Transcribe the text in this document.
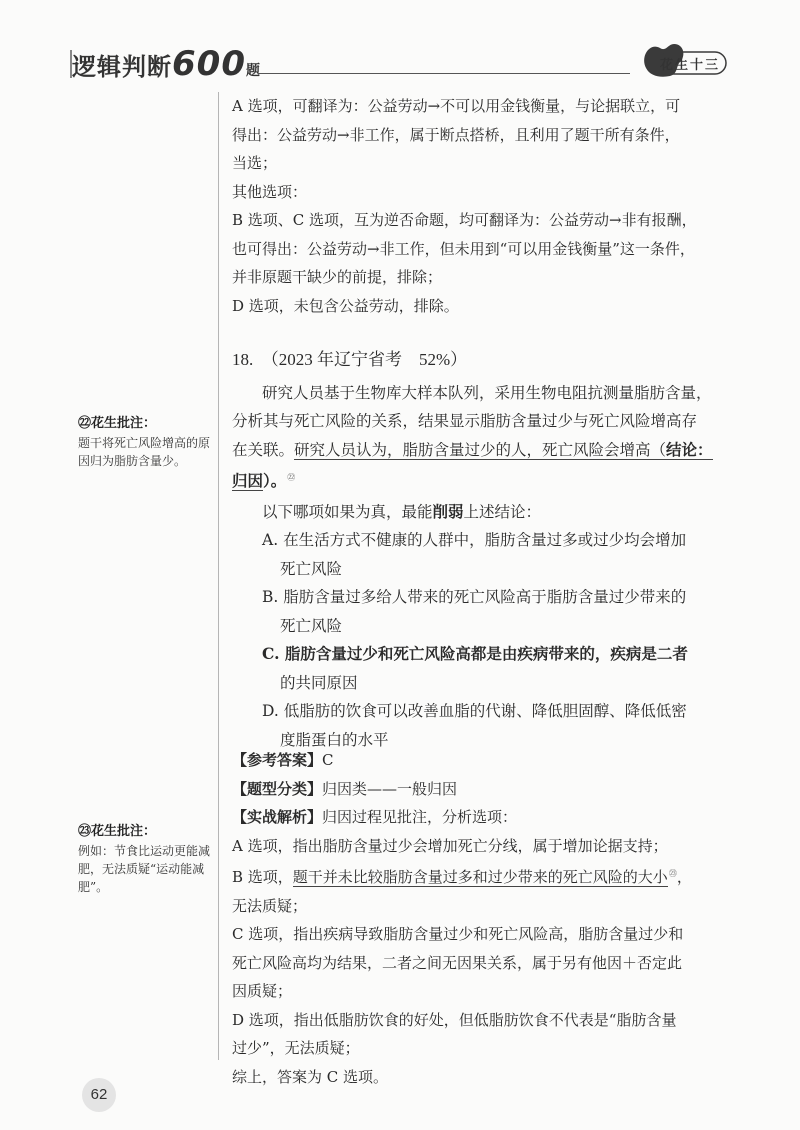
逻辑判断600题	花生十三

A 选项，可翻译为：公益劳动→不可以用金钱衡量，与论据联立，可

得出：公益劳动→非工作，属于断点搭桥，且利用了题干所有条件，

当选；

其他选项：

B 选项、C 选项，互为逆否命题，均可翻译为：公益劳动→非有报酬，

也可得出：公益劳动→非工作，但未用到“可以用金钱衡量”这一条件，

并非原题干缺少的前提，排除；

D 选项，未包含公益劳动，排除。

18.　 （2023 年辽宁省考　52%）

研究人员基于生物库大样本队列，采用生物电阻抗测量脂肪含量，

分析其与死亡风险的关系，结果显示脂肪含量过少与死亡风险增高存

在关联。研究人员认为，脂肪含量过少的人，死亡风险会增高（结论：

归因）。$^㉒$

以下哪项如果为真，最能削弱上述结论：

A. 在生活方式不健康的人群中，脂肪含量过多或过少均会增加

死亡风险

B. 脂肪含量过多给人带来的死亡风险高于脂肪含量过少带来的

死亡风险

C. 脂肪含量过少和死亡风险高都是由疾病带来的，疾病是二者

的共同原因

D. 低脂肪的饮食可以改善血脂的代谢、降低胆固醇、降低低密

度脂蛋白的水平

【参考答案】C

【题型分类】归因类——一般归因

【实战解析】归因过程见批注，分析选项：

A 选项，指出脂肪含量过少会增加死亡分线，属于增加论据支持；

B 选项，题干并未比较脂肪含量过多和过少带来的死亡风险的大小$^㉓$，

无法质疑；

C 选项，指出疾病导致脂肪含量过少和死亡风险高，脂肪含量过少和

死亡风险高均为结果，二者之间无因果关系，属于另有他因＋否定此

因质疑；

D 选项，指出低脂肪饮食的好处，但低脂肪饮食不代表是“脂肪含量

过少”，无法质疑；

综上，答案为 C 选项。

㉒花生批注：
题干将死亡风险增高的原因归为脂肪含量少。
㉓花生批注：
例如：节食比运动更能减肥，无法质疑“运动能减肥”。
62
